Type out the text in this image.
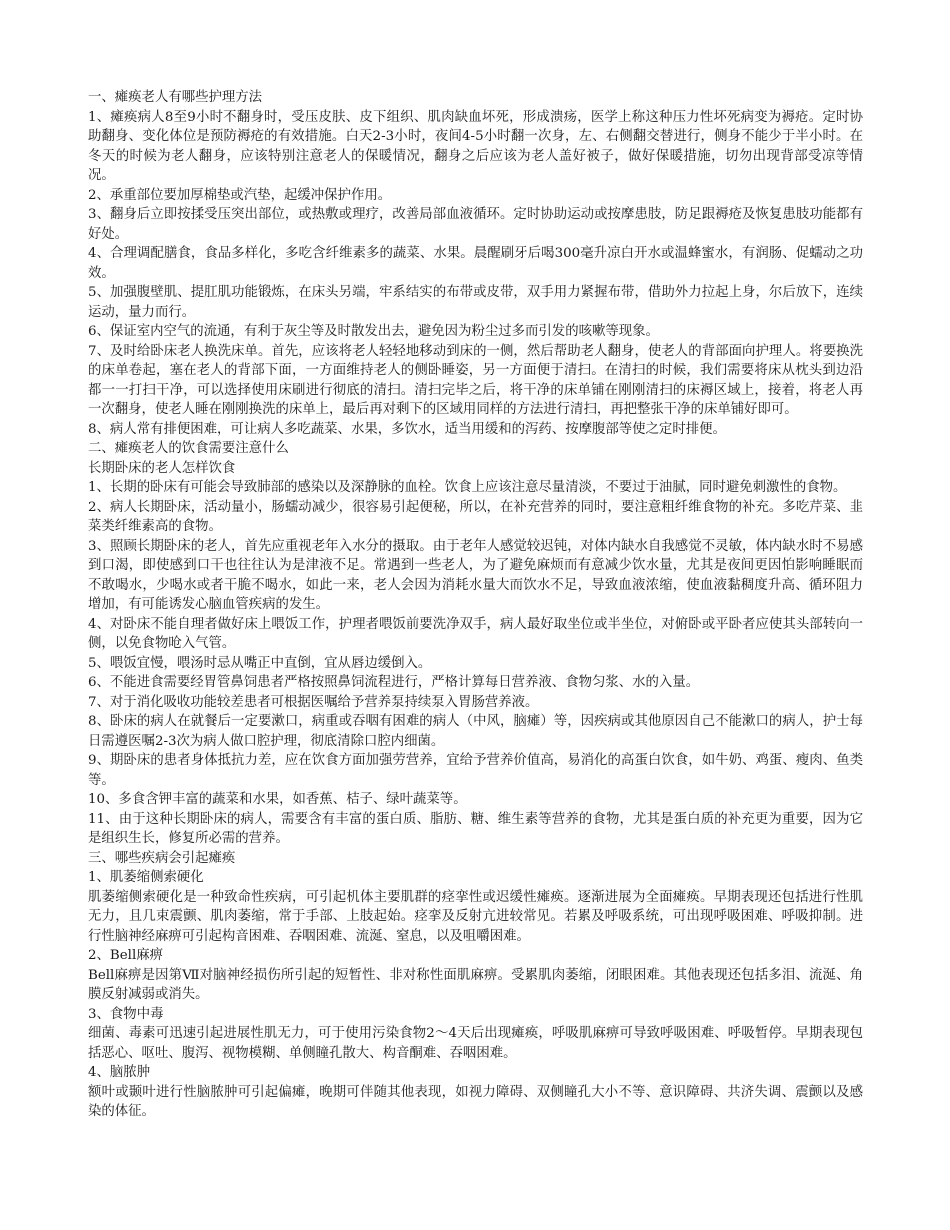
一、瘫痪老人有哪些护理方法

1、瘫痪病人8至9小时不翻身时，受压皮肤、皮下组织、肌肉缺血坏死，形成溃疡，医学上称这种压力性坏死病变为褥疮。定时协助翻身、变化体位是预防褥疮的有效措施。白天2-3小时，夜间4-5小时翻一次身，左、右侧翻交替进行，侧身不能少于半小时。在冬天的时候为老人翻身，应该特别注意老人的保暖情况，翻身之后应该为老人盖好被子，做好保暖措施，切勿出现背部受凉等情况。

2、承重部位要加厚棉垫或汽垫，起缓冲保护作用。

3、翻身后立即按揉受压突出部位，或热敷或理疗，改善局部血液循环。定时协助运动或按摩患肢，防足跟褥疮及恢复患肢功能都有好处。

4、合理调配膳食，食品多样化，多吃含纤维素多的蔬菜、水果。晨醒刷牙后喝300毫升凉白开水或温蜂蜜水，有润肠、促蠕动之功效。

5、加强腹壁肌、提肛肌功能锻炼，在床头另端，牢系结实的布带或皮带，双手用力紧握布带，借助外力拉起上身，尔后放下，连续运动，量力而行。

6、保证室内空气的流通，有利于灰尘等及时散发出去，避免因为粉尘过多而引发的咳嗽等现象。

7、及时给卧床老人换洗床单。首先，应该将老人轻轻地移动到床的一侧，然后帮助老人翻身，使老人的背部面向护理人。将要换洗的床单卷起，塞在老人的背部下面，一方面维持老人的侧卧睡姿，另一方面便于清扫。在清扫的时候，我们需要将床从枕头到边沿都一一打扫干净，可以选择使用床刷进行彻底的清扫。清扫完毕之后，将干净的床单铺在刚刚清扫的床褥区域上，接着，将老人再一次翻身，使老人睡在刚刚换洗的床单上，最后再对剩下的区域用同样的方法进行清扫，再把整张干净的床单铺好即可。

8、病人常有排便困难，可让病人多吃蔬菜、水果，多饮水，适当用缓和的泻药、按摩腹部等使之定时排便。

二、瘫痪老人的饮食需要注意什么

长期卧床的老人怎样饮食

1、长期的卧床有可能会导致肺部的感染以及深静脉的血栓。饮食上应该注意尽量清淡，不要过于油腻，同时避免刺激性的食物。

2、病人长期卧床，活动量小，肠蠕动减少，很容易引起便秘，所以，在补充营养的同时，要注意粗纤维食物的补充。多吃芹菜、韭菜类纤维素高的食物。

3、照顾长期卧床的老人，首先应重视老年入水分的摄取。由于老年人感觉较迟钝，对体内缺水自我感觉不灵敏，体内缺水时不易感到口渴，即使感到口干也往往认为是津液不足。常遇到一些老人，为了避免麻烦而有意减少饮水量，尤其是夜间更因怕影响睡眠而不敢喝水，少喝水或者干脆不喝水，如此一来，老人会因为消耗水量大而饮水不足，导致血液浓缩，使血液黏稠度升高、循环阻力增加，有可能诱发心脑血管疾病的发生。

4、对卧床不能自理者做好床上喂饭工作，护理者喂饭前要洗净双手，病人最好取坐位或半坐位，对俯卧或平卧者应使其头部转向一侧，以免食物呛入气管。

5、喂饭宜慢，喂汤时忌从嘴正中直倒，宜从唇边缓倒入。

6、不能进食需要经胃管鼻饲患者严格按照鼻饲流程进行，严格计算每日营养液、食物匀浆、水的入量。

7、对于消化吸收功能较差患者可根据医嘱给予营养泵持续泵入胃肠营养液。

8、卧床的病人在就餐后一定要漱口，病重或吞咽有困难的病人（中风，脑瘫）等，因疾病或其他原因自己不能漱口的病人，护士每日需遵医嘱2-3次为病人做口腔护理，彻底清除口腔内细菌。

9、期卧床的患者身体抵抗力差，应在饮食方面加强劳营养，宜给予营养价值高，易消化的高蛋白饮食，如牛奶、鸡蛋、瘦肉、鱼类等。

10、多食含钾丰富的蔬菜和水果，如香蕉、桔子、绿叶蔬菜等。

11、由于这种长期卧床的病人，需要含有丰富的蛋白质、脂肪、糖、维生素等营养的食物，尤其是蛋白质的补充更为重要，因为它是组织生长，修复所必需的营养。

三、哪些疾病会引起瘫痪

1、肌萎缩侧索硬化

肌萎缩侧索硬化是一种致命性疾病，可引起机体主要肌群的痉挛性或迟缓性瘫痪。逐渐进展为全面瘫痪。早期表现还包括进行性肌无力，且几束震颤、肌肉萎缩，常于手部、上肢起始。痉挛及反射亢进较常见。若累及呼吸系统，可出现呼吸困难、呼吸抑制。进行性脑神经麻痹可引起构音困难、吞咽困难、流涎、窒息，以及咀嚼困难。

2、Bell麻痹

Bell麻痹是因第Ⅶ对脑神经损伤所引起的短暂性、非对称性面肌麻痹。受累肌肉萎缩，闭眼困难。其他表现还包括多泪、流涎、角膜反射减弱或消失。

3、食物中毒

细菌、毒素可迅速引起进展性肌无力，可于使用污染食物2～4天后出现瘫痪，呼吸肌麻痹可导致呼吸困难、呼吸暂停。早期表现包括恶心、呕吐、腹泻、视物模糊、单侧瞳孔散大、构音酮难、吞咽困难。

4、脑脓肿

额叶或颞叶进行性脑脓肿可引起偏瘫，晚期可伴随其他表现，如视力障碍、双侧瞳孔大小不等、意识障碍、共济失调、震颤以及感染的体征。
